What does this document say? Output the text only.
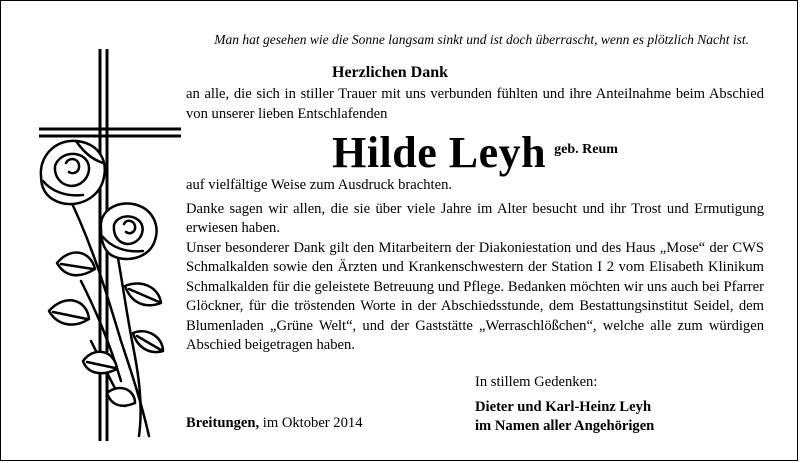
Man hat gesehen wie die Sonne langsam sinkt und ist doch überrascht, wenn es plötzlich Nacht ist.
Herzlichen Dank

an alle, die sich in stiller Trauer mit uns verbunden fühlten und ihre Anteilnahme beim Abschied von unserer lieben Entschlafenden

Hilde Leyh geb. Reum

auf vielfältige Weise zum Ausdruck brachten.

Danke sagen wir allen, die sie über viele Jahre im Alter besucht und ihr Trost und Ermutigung erwiesen haben.

Unser besonderer Dank gilt den Mitarbeitern der Diakoniestation und des Haus „Mose“ der CWS Schmalkalden sowie den Ärzten und Krankenschwestern der Station I 2 vom Elisabeth Klinikum Schmalkalden für die geleistete Betreuung und Pflege. Bedanken möchten wir uns auch bei Pfarrer Glöckner, für die tröstenden Worte in der Abschiedsstunde, dem Bestattungsinstitut Seidel, dem Blumenladen „Grüne Welt“, und der Gaststätte „Werraschlößchen“, welche alle zum würdigen Abschied beigetragen haben.

In stillem Gedenken:
Dieter und Karl-Heinz Leyh
im Namen aller Angehörigen
Breitungen, im Oktober 2014
